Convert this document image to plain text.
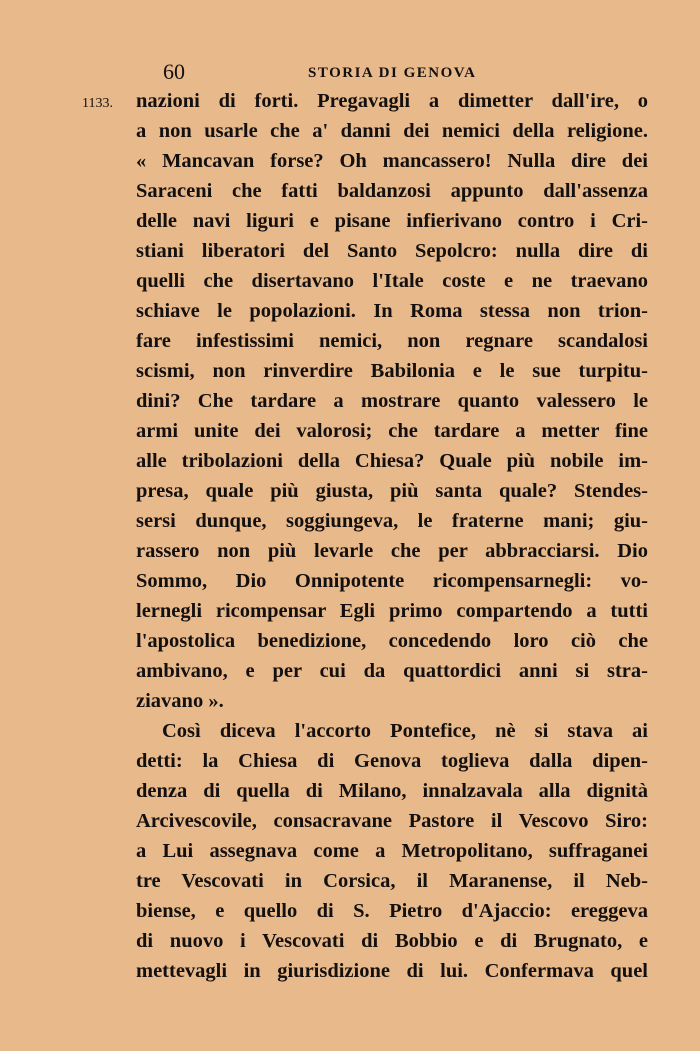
60	STORIA DI GENOVA
1133. nazioni di forti. Pregavagli a dimetter dall'ire, o
a non usarle che a' danni dei nemici della religione.
« Mancavan forse? Oh mancassero! Nulla dire dei
Saraceni che fatti baldanzosi appunto dall'assenza
delle navi liguri e pisane infierivano contro i Cri-
stiani liberatori del Santo Sepolcro: nulla dire di
quelli che disertavano l'Itale coste e ne traevano
schiave le popolazioni. In Roma stessa non trion-
fare infestissimi nemici, non regnare scandalosi
scismi, non rinverdire Babilonia e le sue turpitu-
dini? Che tardare a mostrare quanto valessero le
armi unite dei valorosi; che tardare a metter fine
alle tribolazioni della Chiesa? Quale più nobile im-
presa, quale più giusta, più santa quale? Stendes-
sersi dunque, soggiungeva, le fraterne mani; giu-
rassero non più levarle che per abbracciarsi. Dio
Sommo, Dio Onnipotente ricompensarnegli: vo-
lernegli ricompensar Egli primo compartendo a tutti
l'apostolica benedizione, concedendo loro ciò che
ambivano, e per cui da quattordici anni si stra-
ziavano ».
Così diceva l'accorto Pontefice, nè si stava ai
detti: la Chiesa di Genova toglieva dalla dipen-
denza di quella di Milano, innalzavala alla dignità
Arcivescovile, consacravane Pastore il Vescovo Siro:
a Lui assegnava come a Metropolitano, suffraganei
tre Vescovati in Corsica, il Maranense, il Neb-
biense, e quello di S. Pietro d'Ajaccio: ereggeva
di nuovo i Vescovati di Bobbio e di Brugnato, e
mettevagli in giurisdizione di lui. Confermava quel
